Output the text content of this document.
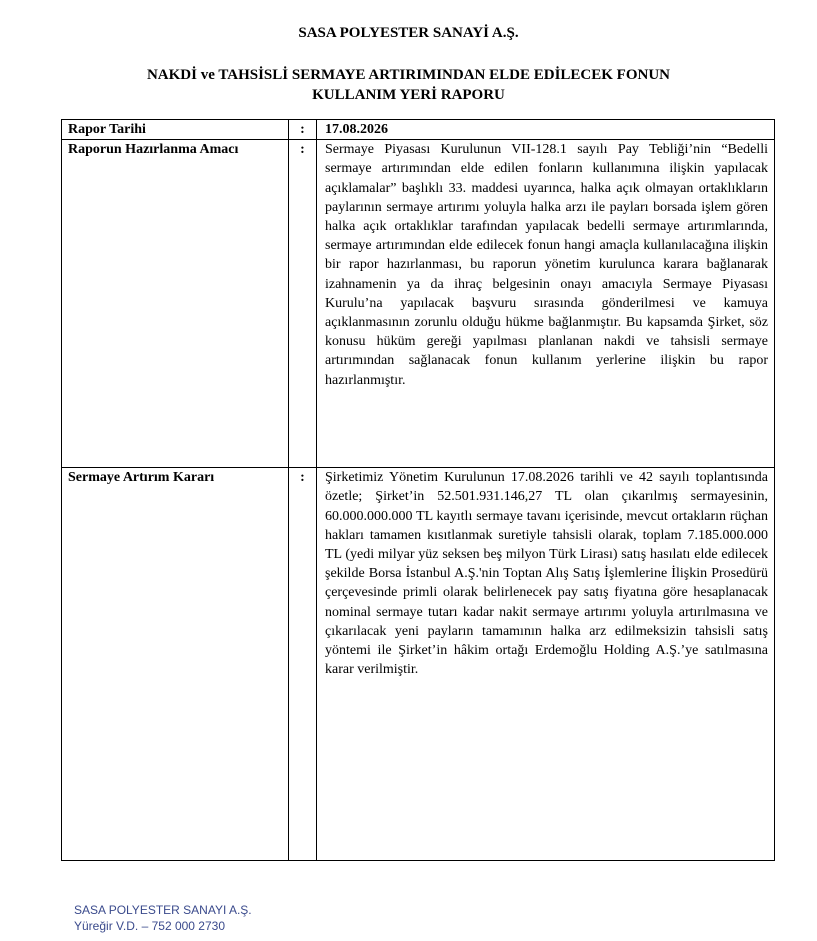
SASA POLYESTER SANAYİ A.Ş.
NAKDİ ve TAHSİSLİ SERMAYE ARTIRIMINDAN ELDE EDİLECEK FONUN
KULLANIM YERİ RAPORU
Rapor Tarihi	:	17.08.2026
Raporun Hazırlanma Amacı	:	Sermaye Piyasası Kurulunun VII-128.1 sayılı Pay Tebliği’nin “Bedelli sermaye artırımından elde edilen fonların kullanımına ilişkin yapılacak açıklamalar” başlıklı 33. maddesi uyarınca, halka açık olmayan ortaklıkların paylarının sermaye artırımı yoluyla halka arzı ile payları borsada işlem gören halka açık ortaklıklar tarafından yapılacak bedelli sermaye artırımlarında, sermaye artırımından elde edilecek fonun hangi amaçla kullanılacağına ilişkin bir rapor hazırlanması, bu raporun yönetim kurulunca karara bağlanarak izahnamenin ya da ihraç belgesinin onayı amacıyla Sermaye Piyasası Kurulu’na yapılacak başvuru sırasında gönderilmesi ve kamuya açıklanmasının zorunlu olduğu hükme bağlanmıştır. Bu kapsamda Şirket, söz konusu hüküm gereği yapılması planlanan nakdi ve tahsisli sermaye artırımından sağlanacak fonun kullanım yerlerine ilişkin bu rapor hazırlanmıştır.
Sermaye Artırım Kararı	:	Şirketimiz Yönetim Kurulunun 17.08.2026 tarihli ve 42 sayılı toplantısında özetle; Şirket’in 52.501.931.146,27 TL olan çıkarılmış sermayesinin, 60.000.000.000 TL kayıtlı sermaye tavanı içerisinde, mevcut ortakların rüçhan hakları tamamen kısıtlanmak suretiyle tahsisli olarak, toplam 7.185.000.000 TL (yedi milyar yüz seksen beş milyon Türk Lirası) satış hasılatı elde edilecek şekilde Borsa İstanbul A.Ş.'nin Toptan Alış Satış İşlemlerine İlişkin Prosedürü çerçevesinde primli olarak belirlenecek pay satış fiyatına göre hesaplanacak nominal sermaye tutarı kadar nakit sermaye artırımı yoluyla artırılmasına ve çıkarılacak yeni payların tamamının halka arz edilmeksizin tahsisli satış yöntemi ile Şirket’in hâkim ortağı Erdemoğlu Holding A.Ş.’ye satılmasına karar verilmiştir.
SASA POLYESTER SANAYI A.Ş.
Yüreğir V.D. – 752 000 2730
